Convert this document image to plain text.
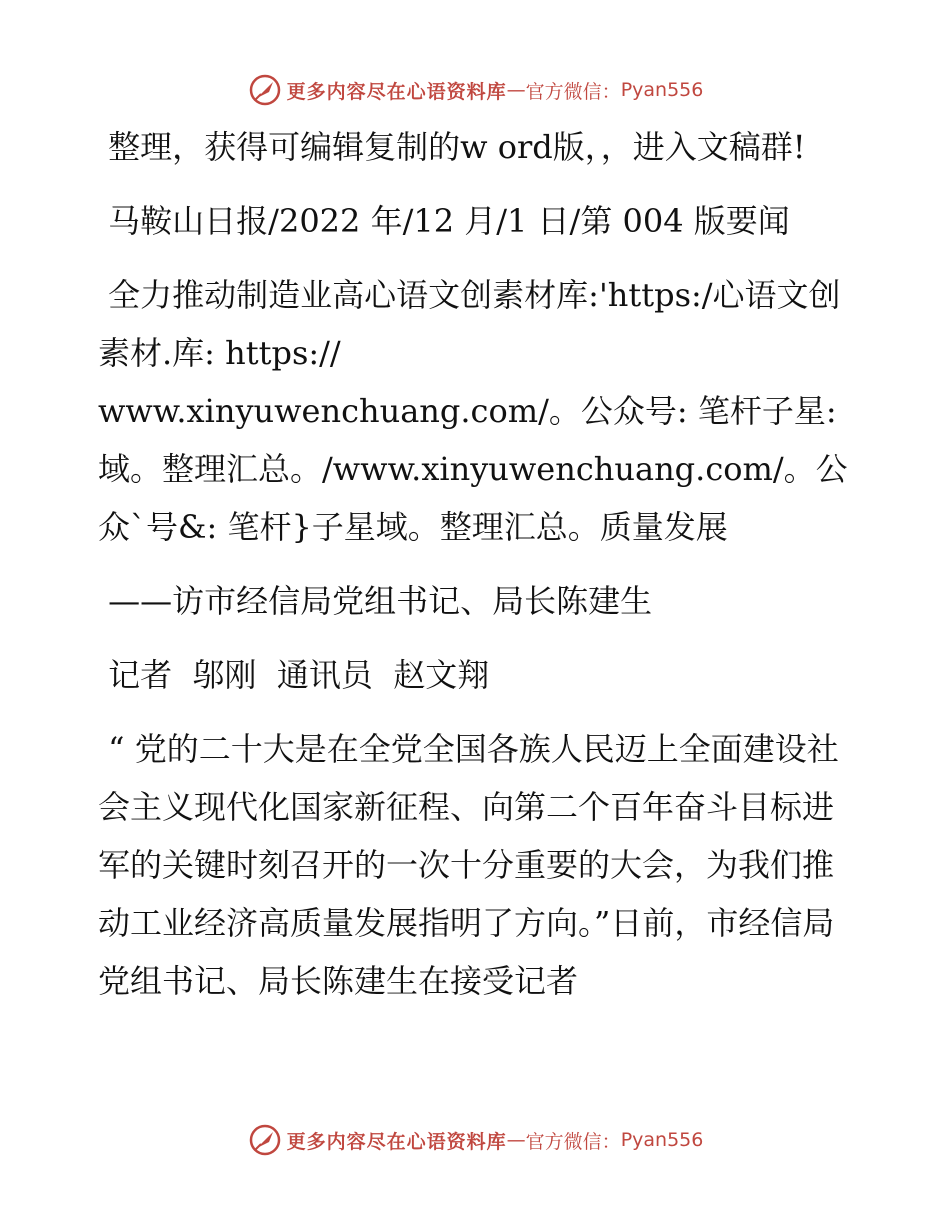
更多内容尽在心语资料库 — 官方微信： Pyan556

整理，获得可编辑复制的w ord版，，进入文稿群!

马鞍山日报/2022 年/12 月/1 日/第 004 版要闻

全力推动制造业高心语文创素材库:'https:/心语文创素材.库: https://
www.xinyuwenchuang.com/。公众号: 笔杆子星:域。整理汇总。/www.xinyuwenchuang.com/。公众`号&: 笔杆}子星域。整理汇总。质量发展

——访市经信局党组书记、局长陈建生

记者  邬刚  通讯员  赵文翔

“ 党的二十大是在全党全国各族人民迈上全面建设社会主义现代化国家新征程、向第二个百年奋斗目标进军的关键时刻召开的一次十分重要的大会，为我们推动工业经济高质量发展指明了方向。”日前，市经信局党组书记、局长陈建生在接受记者

更多内容尽在心语资料库 — 官方微信： Pyan556
